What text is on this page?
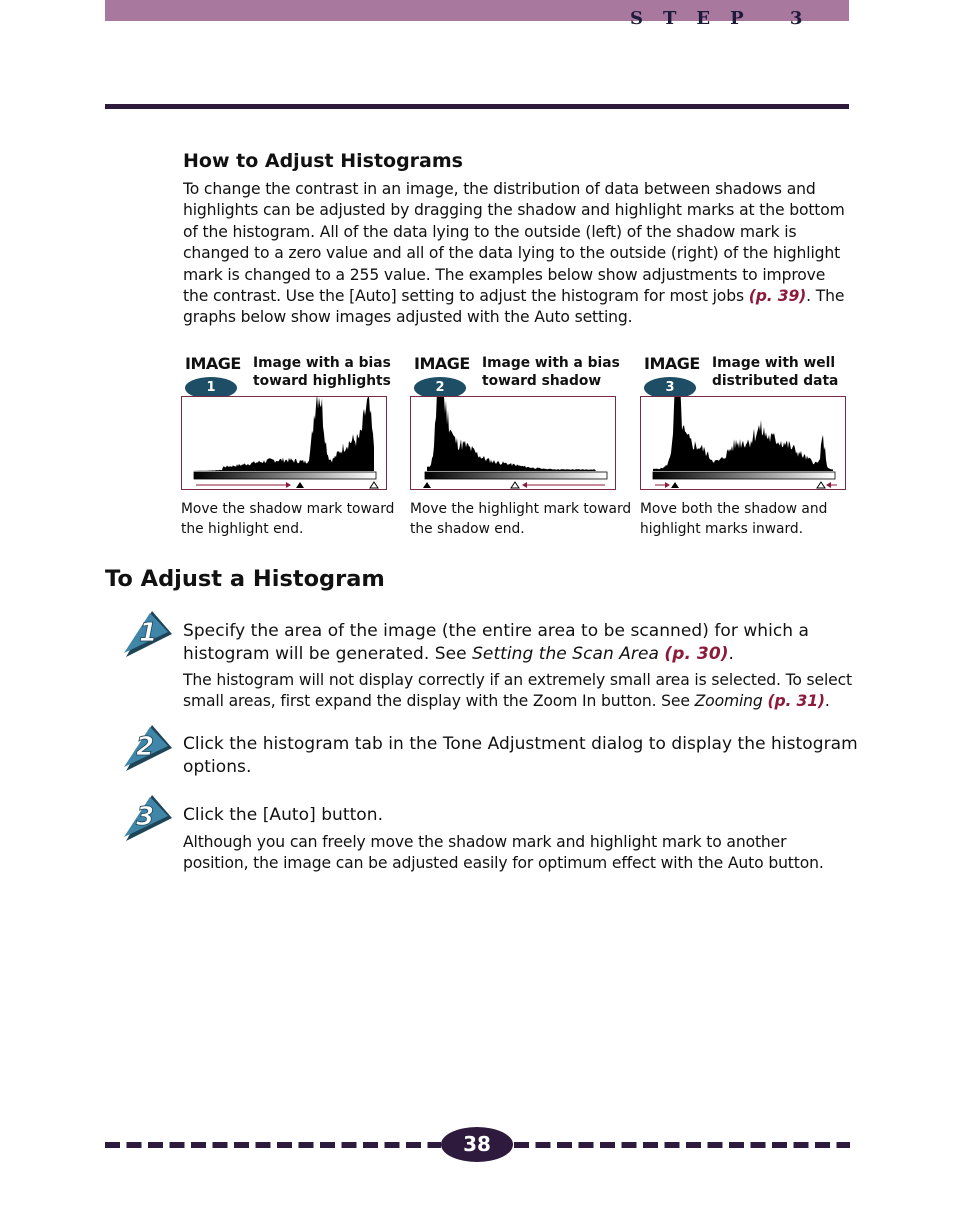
STEP 3
How to Adjust Histograms

To change the contrast in an image, the distribution of data between shadows and highlights can be adjusted by dragging the shadow and highlight marks at the bottom of the histogram. All of the data lying to the outside (left) of the shadow mark is changed to a zero value and all of the data lying to the outside (right) of the highlight mark is changed to a 255 value. The examples below show adjustments to improve the contrast. Use the [Auto] setting to adjust the histogram for most jobs (p. 39). The graphs below show images adjusted with the Auto setting.

IMAGE
1
Image with a bias toward highlights
Move the shadow mark toward the highlight end.
IMAGE
2
Image with a bias toward shadow
Move the highlight mark toward the shadow end.
IMAGE
3
Image with well distributed data
Move both the shadow and highlight marks inward.
To Adjust a Histogram
1
2
3

Specify the area of the image (the entire area to be scanned) for which a histogram will be generated. See Setting the Scan Area (p. 30).

The histogram will not display correctly if an extremely small area is selected. To select small areas, first expand the display with the Zoom In button. See Zooming (p. 31).

Click the histogram tab in the Tone Adjustment dialog to display the histogram options.

Click the [Auto] button.

Although you can freely move the shadow mark and highlight mark to another position, the image can be adjusted easily for optimum effect with the Auto button.

38
